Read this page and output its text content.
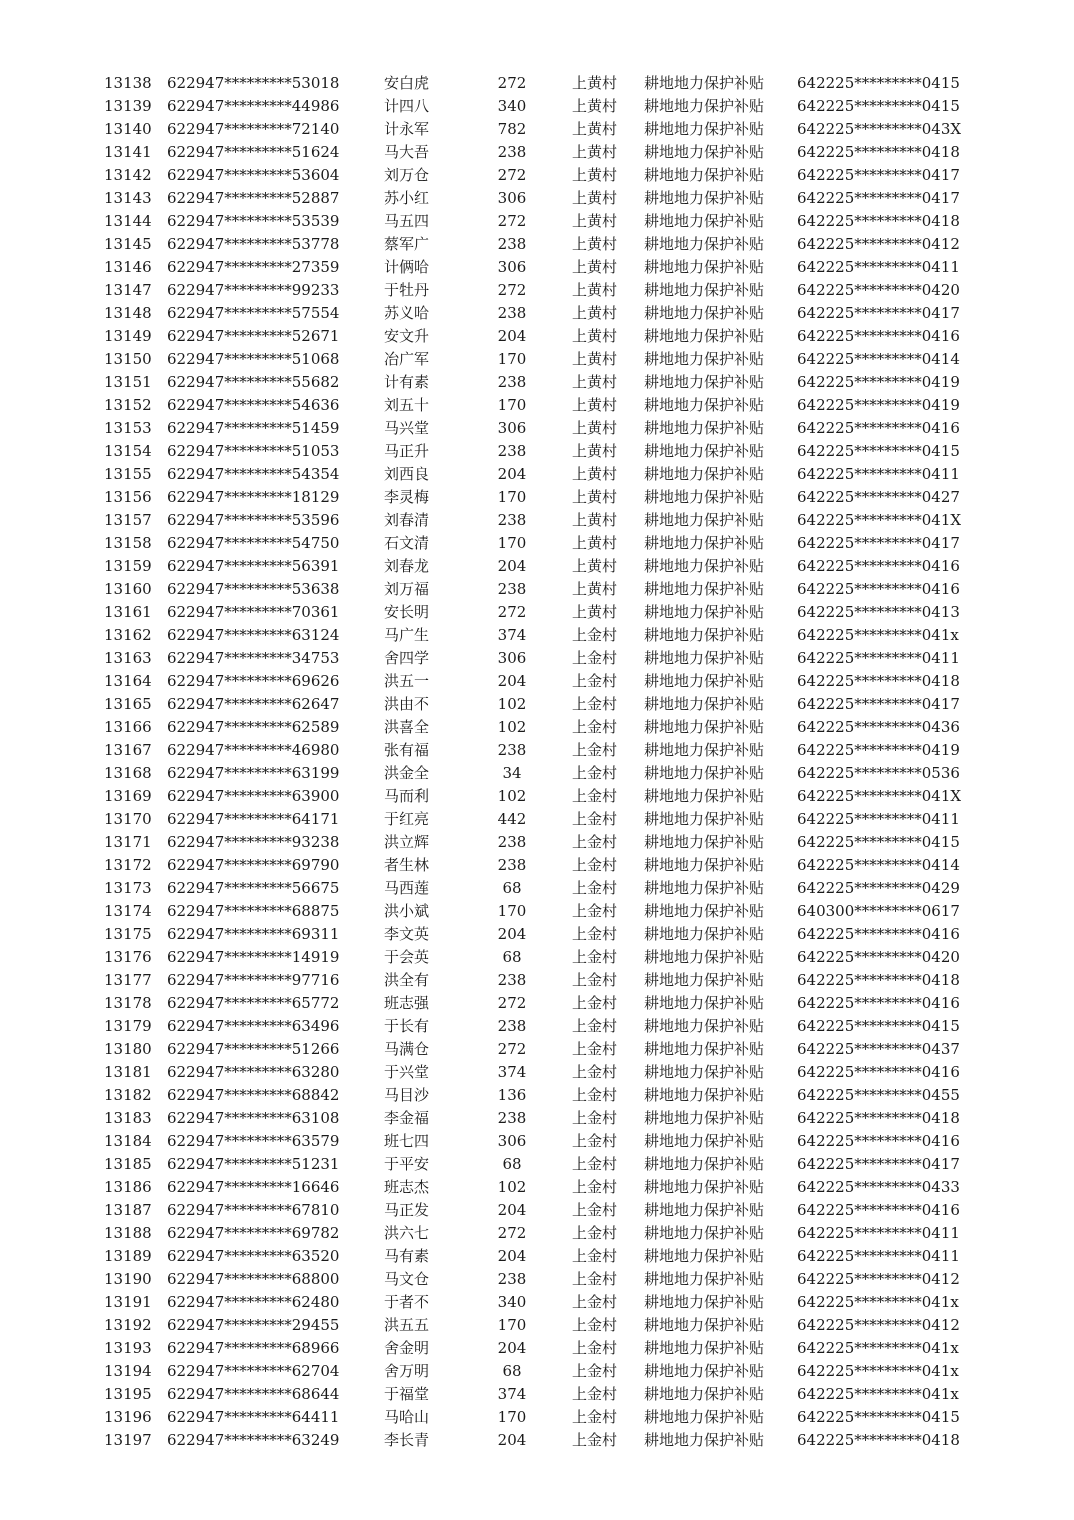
13138 622947*********53018	安白虎	272	上黄村 耕地地力保护补贴 642225*********0415
13139 622947*********44986	计四八	340	上黄村 耕地地力保护补贴 642225*********0415
13140 622947*********72140	计永军	782	上黄村 耕地地力保护补贴 642225*********043X
13141 622947*********51624	马大吾	238	上黄村 耕地地力保护补贴 642225*********0418
13142 622947*********53604	刘万仓	272	上黄村 耕地地力保护补贴 642225*********0417
13143 622947*********52887	苏小红	306	上黄村 耕地地力保护补贴 642225*********0417
13144 622947*********53539	马五四	272	上黄村 耕地地力保护补贴 642225*********0418
13145 622947*********53778	蔡军广	238	上黄村 耕地地力保护补贴 642225*********0412
13146 622947*********27359	计俩哈	306	上黄村 耕地地力保护补贴 642225*********0411
13147 622947*********99233	于牡丹	272	上黄村 耕地地力保护补贴 642225*********0420
13148 622947*********57554	苏义哈	238	上黄村 耕地地力保护补贴 642225*********0417
13149 622947*********52671	安文升	204	上黄村 耕地地力保护补贴 642225*********0416
13150 622947*********51068	冶广军	170	上黄村 耕地地力保护补贴 642225*********0414
13151 622947*********55682	计有素	238	上黄村 耕地地力保护补贴 642225*********0419
13152 622947*********54636	刘五十	170	上黄村 耕地地力保护补贴 642225*********0419
13153 622947*********51459	马兴堂	306	上黄村 耕地地力保护补贴 642225*********0416
13154 622947*********51053	马正升	238	上黄村 耕地地力保护补贴 642225*********0415
13155 622947*********54354	刘西良	204	上黄村 耕地地力保护补贴 642225*********0411
13156 622947*********18129	李灵梅	170	上黄村 耕地地力保护补贴 642225*********0427
13157 622947*********53596	刘春清	238	上黄村 耕地地力保护补贴 642225*********041X
13158 622947*********54750	石文清	170	上黄村 耕地地力保护补贴 642225*********0417
13159 622947*********56391	刘春龙	204	上黄村 耕地地力保护补贴 642225*********0416
13160 622947*********53638	刘万福	238	上黄村 耕地地力保护补贴 642225*********0416
13161 622947*********70361	安长明	272	上黄村 耕地地力保护补贴 642225*********0413
13162 622947*********63124	马广生	374	上金村 耕地地力保护补贴 642225*********041x
13163 622947*********34753	舍四学	306	上金村 耕地地力保护补贴 642225*********0411
13164 622947*********69626	洪五一	204	上金村 耕地地力保护补贴 642225*********0418
13165 622947*********62647	洪由不	102	上金村 耕地地力保护补贴 642225*********0417
13166 622947*********62589	洪喜全	102	上金村 耕地地力保护补贴 642225*********0436
13167 622947*********46980	张有福	238	上金村 耕地地力保护补贴 642225*********0419
13168 622947*********63199	洪金全	34	上金村 耕地地力保护补贴 642225*********0536
13169 622947*********63900	马而利	102	上金村 耕地地力保护补贴 642225*********041X
13170 622947*********64171	于红亮	442	上金村 耕地地力保护补贴 642225*********0411
13171 622947*********93238	洪立辉	238	上金村 耕地地力保护补贴 642225*********0415
13172 622947*********69790	者生林	238	上金村 耕地地力保护补贴 642225*********0414
13173 622947*********56675	马西莲	68	上金村 耕地地力保护补贴 642225*********0429
13174 622947*********68875	洪小斌	170	上金村 耕地地力保护补贴 640300*********0617
13175 622947*********69311	李文英	204	上金村 耕地地力保护补贴 642225*********0416
13176 622947*********14919	于会英	68	上金村 耕地地力保护补贴 642225*********0420
13177 622947*********97716	洪全有	238	上金村 耕地地力保护补贴 642225*********0418
13178 622947*********65772	班志强	272	上金村 耕地地力保护补贴 642225*********0416
13179 622947*********63496	于长有	238	上金村 耕地地力保护补贴 642225*********0415
13180 622947*********51266	马满仓	272	上金村 耕地地力保护补贴 642225*********0437
13181 622947*********63280	于兴堂	374	上金村 耕地地力保护补贴 642225*********0416
13182 622947*********68842	马目沙	136	上金村 耕地地力保护补贴 642225*********0455
13183 622947*********63108	李金福	238	上金村 耕地地力保护补贴 642225*********0418
13184 622947*********63579	班七四	306	上金村 耕地地力保护补贴 642225*********0416
13185 622947*********51231	于平安	68	上金村 耕地地力保护补贴 642225*********0417
13186 622947*********16646	班志杰	102	上金村 耕地地力保护补贴 642225*********0433
13187 622947*********67810	马正发	204	上金村 耕地地力保护补贴 642225*********0416
13188 622947*********69782	洪六七	272	上金村 耕地地力保护补贴 642225*********0411
13189 622947*********63520	马有素	204	上金村 耕地地力保护补贴 642225*********0411
13190 622947*********68800	马文仓	238	上金村 耕地地力保护补贴 642225*********0412
13191 622947*********62480	于者不	340	上金村 耕地地力保护补贴 642225*********041x
13192 622947*********29455	洪五五	170	上金村 耕地地力保护补贴 642225*********0412
13193 622947*********68966	舍金明	204	上金村 耕地地力保护补贴 642225*********041x
13194 622947*********62704	舍万明	68	上金村 耕地地力保护补贴 642225*********041x
13195 622947*********68644	于福堂	374	上金村 耕地地力保护补贴 642225*********041x
13196 622947*********64411	马哈山	170	上金村 耕地地力保护补贴 642225*********0415
13197 622947*********63249	李长青	204	上金村 耕地地力保护补贴 642225*********0418
